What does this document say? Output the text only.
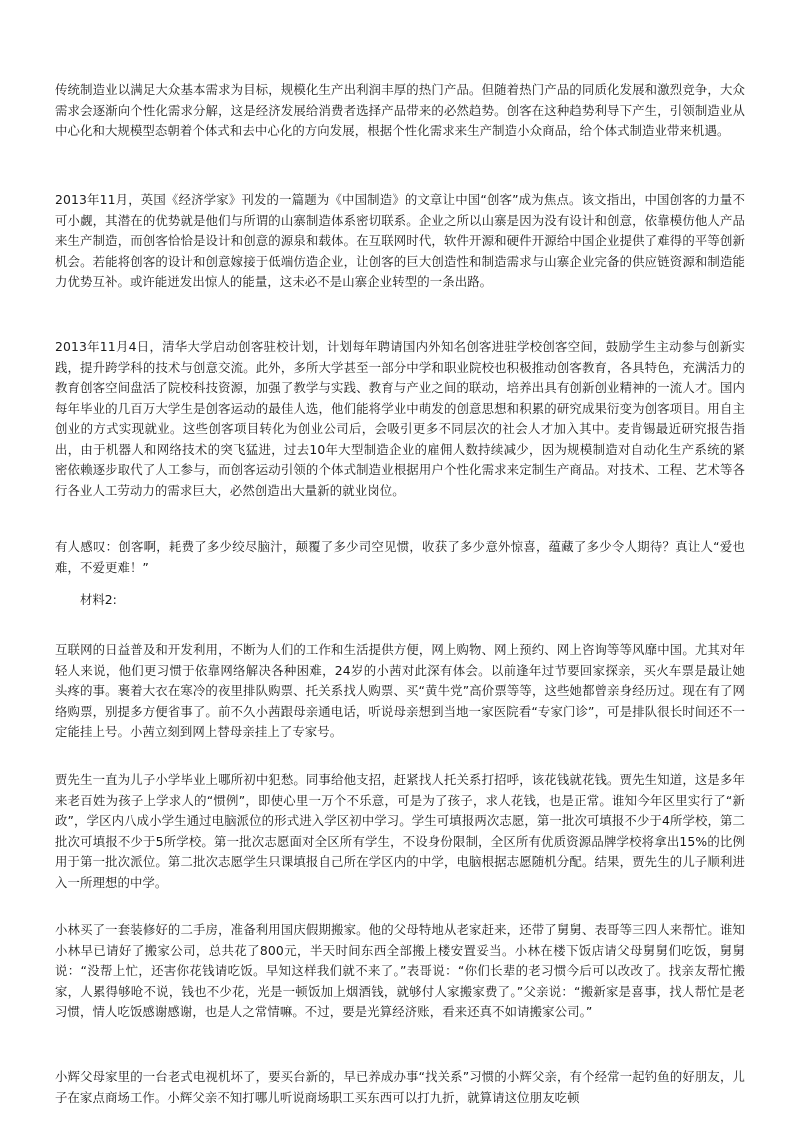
传统制造业以满足大众基本需求为目标，规模化生产出利润丰厚的热门产品。但随着热门产品的同质化发展和激烈竞争，大众需求会逐渐向个性化需求分解，这是经济发展给消费者选择产品带来的必然趋势。创客在这种趋势利导下产生，引领制造业从中心化和大规模型态朝着个体式和去中心化的方向发展，根据个性化需求来生产制造小众商品，给个体式制造业带来机遇。

2013年11月，英国《经济学家》刊发的一篇题为《中国制造》的文章让中国“创客”成为焦点。该文指出，中国创客的力量不可小觑，其潜在的优势就是他们与所谓的山寨制造体系密切联系。企业之所以山寨是因为没有设计和创意，依靠模仿他人产品来生产制造，而创客恰恰是设计和创意的源泉和载体。在互联网时代，软件开源和硬件开源给中国企业提供了难得的平等创新机会。若能将创客的设计和创意嫁接于低端仿造企业，让创客的巨大创造性和制造需求与山寨企业完备的供应链资源和制造能力优势互补。或许能迸发出惊人的能量，这未必不是山寨企业转型的一条出路。

2013年11月4日，清华大学启动创客驻校计划，计划每年聘请国内外知名创客进驻学校创客空间，鼓励学生主动参与创新实践，提升跨学科的技术与创意交流。此外，多所大学甚至一部分中学和职业院校也积极推动创客教育，各具特色，充满活力的教育创客空间盘活了院校科技资源，加强了教学与实践、教育与产业之间的联动，培养出具有创新创业精神的一流人才。国内每年毕业的几百万大学生是创客运动的最佳人选，他们能将学业中萌发的创意思想和积累的研究成果衍变为创客项目。用自主创业的方式实现就业。这些创客项目转化为创业公司后，会吸引更多不同层次的社会人才加入其中。麦肯锡最近研究报告指出，由于机器人和网络技术的突飞猛进，过去10年大型制造企业的雇佣人数持续减少，因为规模制造对自动化生产系统的紧密依赖逐步取代了人工参与，而创客运动引领的个体式制造业根据用户个性化需求来定制生产商品。对技术、工程、艺术等各行各业人工劳动力的需求巨大，必然创造出大量新的就业岗位。

有人感叹：创客啊，耗费了多少绞尽脑汁，颠覆了多少司空见惯，收获了多少意外惊喜，蕴藏了多少令人期待？真让人“爱也难，不爱更难！”

材料2:

互联网的日益普及和开发利用，不断为人们的工作和生活提供方便，网上购物、网上预约、网上咨询等等风靡中国。尤其对年轻人来说，他们更习惯于依靠网络解决各种困难，24岁的小茜对此深有体会。以前逢年过节要回家探亲，买火车票是最让她头疼的事。裹着大衣在寒冷的夜里排队购票、托关系找人购票、买“黄牛党”高价票等等，这些她都曾亲身经历过。现在有了网络购票，别提多方便省事了。前不久小茜跟母亲通电话，听说母亲想到当地一家医院看“专家门诊”，可是排队很长时间还不一定能挂上号。小茜立刻到网上替母亲挂上了专家号。

贾先生一直为儿子小学毕业上哪所初中犯愁。同事给他支招，赶紧找人托关系打招呼，该花钱就花钱。贾先生知道，这是多年来老百姓为孩子上学求人的“惯例”，即使心里一万个不乐意，可是为了孩子，求人花钱，也是正常。谁知今年区里实行了“新政”，学区内八成小学生通过电脑派位的形式进入学区初中学习。学生可填报两次志愿，第一批次可填报不少于4所学校，第二批次可填报不少于5所学校。第一批次志愿面对全区所有学生，不设身份限制，全区所有优质资源品牌学校将拿出15%的比例用于第一批次派位。第二批次志愿学生只课填报自己所在学区内的中学，电脑根据志愿随机分配。结果，贾先生的儿子顺利进入一所理想的中学。

小林买了一套装修好的二手房，准备利用国庆假期搬家。他的父母特地从老家赶来，还带了舅舅、表哥等三四人来帮忙。谁知小林早已请好了搬家公司，总共花了800元，半天时间东西全部搬上楼安置妥当。小林在楼下饭店请父母舅舅们吃饭，舅舅说：“没帮上忙，还害你花钱请吃饭。早知这样我们就不来了。”表哥说：“你们长辈的老习惯今后可以改改了。找亲友帮忙搬家，人累得够呛不说，钱也不少花，光是一顿饭加上烟酒钱，就够付人家搬家费了。”父亲说：“搬新家是喜事，找人帮忙是老习惯，情人吃饭感谢感谢，也是人之常情嘛。不过，要是光算经济账，看来还真不如请搬家公司。”

小辉父母家里的一台老式电视机坏了，要买台新的，早已养成办事“找关系”习惯的小辉父亲，有个经常一起钓鱼的好朋友，儿子在家点商场工作。小辉父亲不知打哪儿听说商场职工买东西可以打九折，就算请这位朋友吃顿
